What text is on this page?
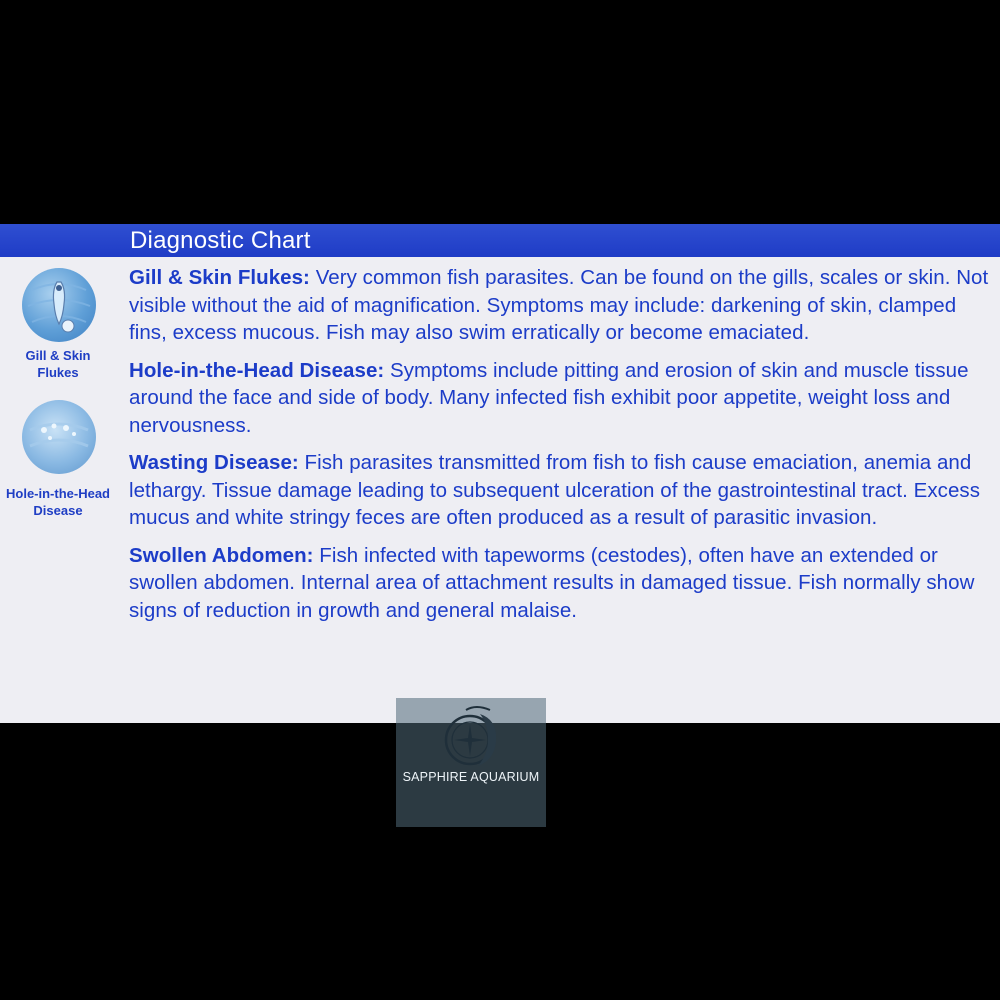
Diagnostic Chart
Gill & Skin
Flukes
Hole-in-the-Head
Disease

Gill & Skin Flukes: Very common fish parasites. Can be found on the gills, scales or skin. Not visible without the aid of magnification. Symptoms may include: darkening of skin, clamped fins, excess mucous. Fish may also swim erratically or become emaciated.

Hole-in-the-Head Disease: Symptoms include pitting and erosion of skin and muscle tissue around the face and side of body. Many infected fish exhibit poor appetite, weight loss and nervousness.

Wasting Disease: Fish parasites transmitted from fish to fish cause emaciation, anemia and lethargy. Tissue damage leading to subsequent ulceration of the gastrointestinal tract. Excess mucus and white stringy feces are often produced as a result of parasitic invasion.

Swollen Abdomen: Fish infected with tapeworms (cestodes), often have an extended or swollen abdomen. Internal area of attachment results in damaged tissue. Fish normally show signs of reduction in growth and general malaise.

SAPPHIRE AQUARIUM
